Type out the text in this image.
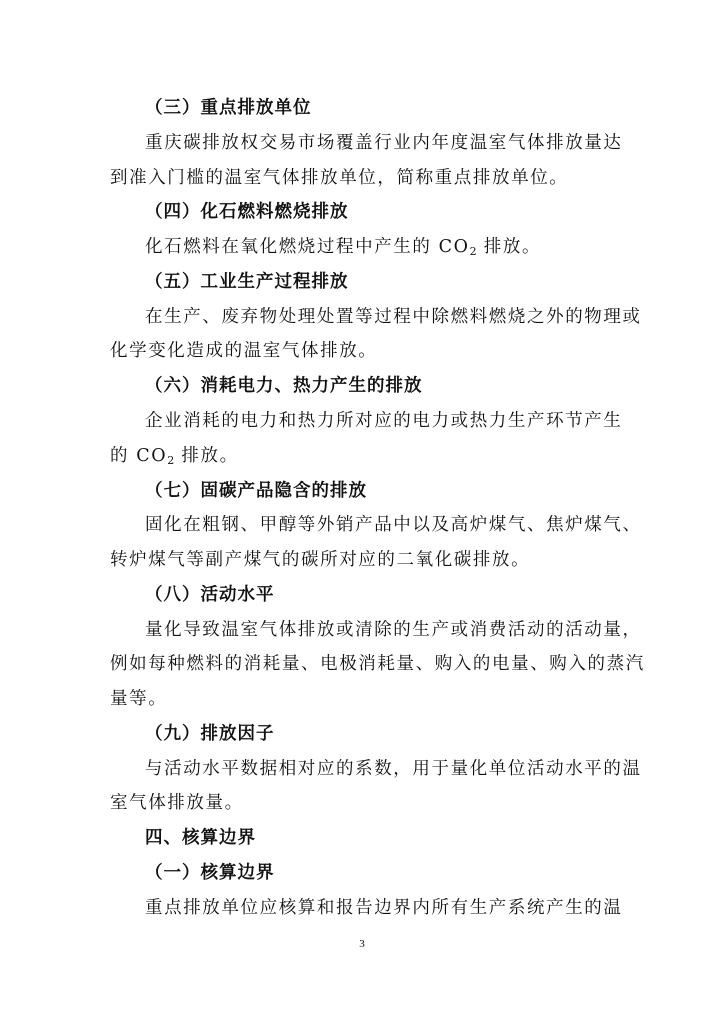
（三）重点排放单位
重庆碳排放权交易市场覆盖行业内年度温室气体排放量达
到准入门槛的温室气体排放单位，简称重点排放单位。
（四）化石燃料燃烧排放
化石燃料在氧化燃烧过程中产生的 $CO_2$ 排放。
（五）工业生产过程排放
在生产、废弃物处理处置等过程中除燃料燃烧之外的物理或
化学变化造成的温室气体排放。
（六）消耗电力、热力产生的排放
企业消耗的电力和热力所对应的电力或热力生产环节产生
的 $CO_2$ 排放。
（七）固碳产品隐含的排放
固化在粗钢、甲醇等外销产品中以及高炉煤气、焦炉煤气、
转炉煤气等副产煤气的碳所对应的二氧化碳排放。
（八）活动水平
量化导致温室气体排放或清除的生产或消费活动的活动量，
例如每种燃料的消耗量、电极消耗量、购入的电量、购入的蒸汽
量等。
（九）排放因子
与活动水平数据相对应的系数，用于量化单位活动水平的温
室气体排放量。
四、核算边界
（一）核算边界
重点排放单位应核算和报告边界内所有生产系统产生的温
3
